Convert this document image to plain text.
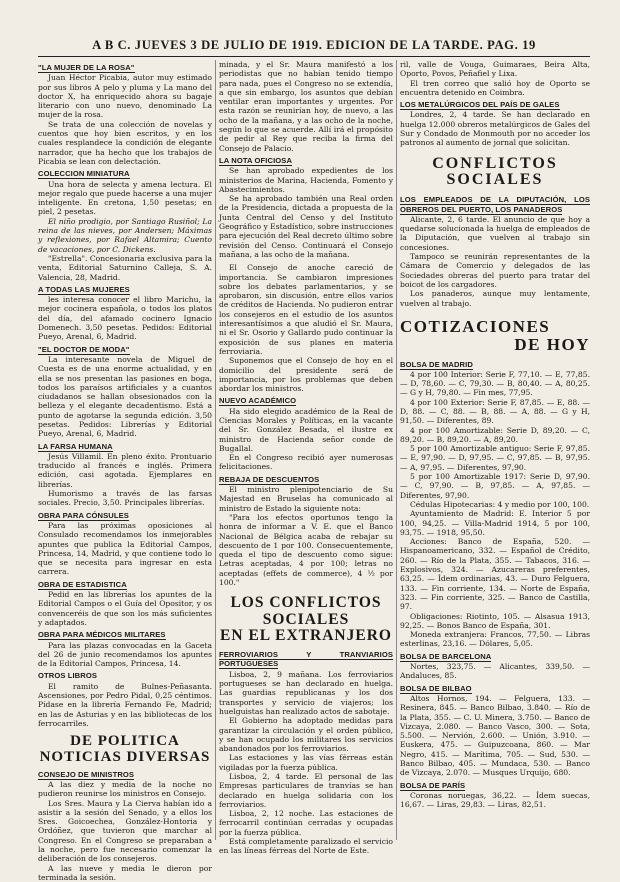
A B C. JUEVES 3 DE JULIO DE 1919. EDICION DE LA TARDE. PAG. 19
"LA MUJER DE LA ROSA"

Juan Héctor Picabia, autor muy estimado por sus libros A pelo y pluma y La mano del doctor X, ha enriquecido ahora su bagaje literario con uno nuevo, denominado La mujer de la rosa.

Se trata de una colección de novelas y cuentos que hoy bien escritos, y en los cuales resplandece la condición de elegante narrador, que ha hecho que los trabajos de Picabia se lean con delectación.

COLECCION MINIATURA

Una hora de selecta y amena lectura. El mejor regalo que puede hacerse a una mujer inteligente. En cretona, 1,50 pesetas; en piel, 2 pesetas.

El niño prodigio, por Santiago Rusiñol; La reina de las nieves, por Andersen; Máximas y reflexiones, por Rafael Altamira; Cuento de vacaciones, por C. Dickens.

"Estrella". Concesionaria exclusiva para la venta, Editorial Saturnino Calleja, S. A. Valencia, 28, Madrid.

A TODAS LAS MUJERES

les interesa conocer el libro Marichu, la mejor cocinera española, o todos los platos del día, del afamado cocinero Ignacio Domenech. 3,50 pesetas. Pedidos: Editorial Pueyo, Arenal, 6, Madrid.

"EL DOCTOR DE MODA"

La interesante novela de Miguel de Cuesta es de una enorme actualidad, y en ella se nos presentan las pasiones en boga, todos los paraísos artificiales y a cuantos ciudadanos se hallan obsesionados con la belleza y el elegante decadentismo. Está a punto de agotarse la segunda edición. 3,50 pesetas. Pedidos: Librerías y Editorial Pueyo, Arenal, 6, Madrid.

LA FARSA HUMANA

Jesús Villamil. En pleno éxito. Prontuario traducido al francés e inglés. Primera edición, casi agotada. Ejemplares en librerías.

Humorismo a través de las farsas sociales. Precio, 3,50. Principales librerías.

OBRA PARA CÓNSULES

Para las próximas oposiciones al Consulado recomendamos los inmejorables apuntes que publica la Editorial Campos, Princesa, 14, Madrid, y que contiene todo lo que se necesita para ingresar en esta carrera.

OBRA DE ESTADISTICA

Pedid en las librerías los apuntes de la Editorial Campos o el Guía del Opositor, y os convenceréis de que son los más suficientes y adaptados.

OBRA PARA MÉDICOS MILITARES

Para las plazas convocadas en la Gaceta del 26 de junio recomendamos los apuntes de la Editorial Campos, Princesa, 14.

OTROS LIBROS

El ramito de Bulnes-Peñasanta. Ascensiones, por Pedro Pidal, 0,25 céntimos. Pídase en la librería Fernando Fe, Madrid; en las de Asturias y en las bibliotecas de los ferrocarriles.

DE POLITICA
NOTICIAS DIVERSAS
CONSEJO DE MINISTROS

A las diez y media de la noche no pudieron reunirse los ministros en Consejo.

Los Sres. Maura y La Cierva habían ido a asistir a la sesión del Senado, y a ellos los Sres. Goicoechea, González-Hontoria y Ordóñez, que tuvieron que marchar al Congreso. En el Congreso se preparaban a la noche, pero fue necesario comenzar la deliberación de los consejeros.

A las nueve y media le dieron por terminada la sesión.

minada, y el Sr. Maura manifestó a los periodistas que no habían tenido tiempo para nada, pues el Congreso no se extendía, a que sin embargo, los asuntos que debían ventilar eran importantes y urgentes. Por esta razón se reunirían hoy, de nuevo, a las ocho de la mañana, y a las ocho de la noche, según lo que se acuerde. Allí irá el propósito de pedir al Rey que reciba la firma del Consejo de Palacio.

LA NOTA OFICIOSA

Se han aprobado expedientes de los ministerios de Marina, Hacienda, Fomento y Abastecimientos.

Se ha aprobado también una Real orden de la Presidencia, dictada a propuesta de la Junta Central del Censo y del Instituto Geográfico y Estadístico, sobre instrucciones para ejecución del Real decreto último sobre revisión del Censo. Continuará el Consejo mañana, a las ocho de la mañana.

El Consejo de anoche careció de importancia. Se cambiaron impresiones sobre los debates parlamentarios, y se aprobaron, sin discusión, entre ellos varios de créditos de Hacienda. No pudieron entrar los consejeros en el estudio de los asuntos interesantísimos a que aludió el Sr. Maura, ni el Sr. Osorio y Gallardo pudo continuar la exposición de sus planes en materia ferroviaria.

Suponemos que el Consejo de hoy en el domicilio del presidente será de importancia, por los problemas que deben abordar los ministros.

NUEVO ACADÉMICO

Ha sido elegido académico de la Real de Ciencias Morales y Políticas, en la vacante del Sr. González Besada, el ilustre ex ministro de Hacienda señor conde de Bugallal.

En el Congreso recibió ayer numerosas felicitaciones.

REBAJA DE DESCUENTOS

El ministro plenipotenciario de Su Majestad en Bruselas ha comunicado al ministro de Estado la siguiente nota:

"Para los efectos oportunos tengo la honra de informar a V. E. que el Banco Nacional de Bélgica acaba de rebajar su descuento de 1 por 100. Consecuentemente, queda el tipo de descuento como sigue: Letras aceptadas, 4 por 100; letras no aceptadas (effets de commerce), 4 ½ por 100."

LOS CONFLICTOS SOCIALES
EN EL EXTRANJERO
FERROVIARIOS Y TRANVIARIOS PORTUGUESES

Lisboa, 2, 9 mañana. Los ferroviarios portugueses se han declarado en huelga. Las guardias republicanas y los dos transportes y servicio de viajeros; los huelguistas han realizado actos de sabotaje.

El Gobierno ha adoptado medidas para garantizar la circulación y el orden público, y se han ocupado los militares los servicios abandonados por los ferroviarios.

Las estaciones y las vías férreas están vigiladas por la fuerza pública.

Lisboa, 2, 4 tarde. El personal de las Empresas particulares de tranvías se han declarado en huelga solidaria con los ferroviarios.

Lisboa, 2, 12 noche. Las estaciones de ferrocarril continúan cerradas y ocupadas por la fuerza pública.

Está completamente paralizado el servicio en las líneas férreas del Norte de Este.

ril, valle de Vouga, Guimaraes, Beira Alta, Oporto, Povos, Peñafiel y Lixa.

El tren correo que salió hoy de Oporto se encuentra detenido en Coimbra.

LOS METALÚRGICOS DEL PAÍS DE GALES

Londres, 2, 4 tarde. Se han declarado en huelga 12.000 obreros metalúrgicos de Gales del Sur y Condado de Monmouth por no acceder los patronos al aumento de jornal que solicitan.

CONFLICTOS SOCIALES
LOS EMPLEADOS DE LA DIPUTACIÓN, LOS OBREROS DEL PUERTO, LOS PANADEROS

Alicante, 2, 6 tarde. El anuncio de que hoy a quedarse solucionada la huelga de empleados de la Diputación, que vuelven al trabajo sin concesiones.

Tampoco se reunirán representantes de la Cámara de Comercio y delegados de las Sociedades obreras del puerto para tratar del boicot de los cargadores.

Los panaderos, aunque muy lentamente, vuelven al trabajo.

COTIZACIONES
DE HOY
BOLSA DE MADRID

4 por 100 Interior: Serie F, 77,10. — E, 77,85. — D, 78,60. — C, 79,30. — B, 80,40. — A, 80,25. — G y H, 79,80. — Fin mes, 77,95.

4 por 100 Exterior: Serie F, 87,85. — E, 88. — D, 88. — C, 88. — B, 88. — A, 88. — G y H, 91,50. — Diferentes, 89.

4 por 100 Amortizable: Serie D, 89,20. — C, 89,20. — B, 89,20. — A, 89,20.

5 por 100 Amortizable antiguo: Serie F, 97,85. — E, 97,90. — D, 97,95. — C, 97,85. — B, 97,95. — A, 97,95. — Diferentes, 97,90.

5 por 100 Amortizable 1917: Serie D, 97,90. — C, 97,90. — B, 97,85. — A, 97,85. — Diferentes, 97,90.

Cédulas Hipotecarias: 4 y medio por 100, 100.

Ayuntamiento de Madrid: E. Interior 5 por 100, 94,25. — Villa-Madrid 1914, 5 por 100, 93,75. — 1918, 95,50.

Acciones: Banco de España, 520. — Hispanoamericano, 332. — Español de Crédito, 260. — Río de la Plata, 355. — Tabacos, 316. — Explosivos, 324. — Azucareras preferentes, 63,25. — Ídem ordinarias, 43. — Duro Felguera, 133. — Fin corriente, 134. — Norte de España, 323. — Fin corriente, 325. — Banco de Castilla, 97.

Obligaciones: Riotinto, 105. — Alsasua 1913, 92,25. — Bonos Banco de España, 301.

Moneda extranjera: Francos, 77,50. — Libras esterlinas, 23,16. — Dólares, 5,05.

BOLSA DE BARCELONA

Nortes, 323,75. — Alicantes, 339,50. — Andaluces, 85.

BOLSA DE BILBAO

Altos Hornos, 194. — Felguera, 133. — Resinera, 845. — Banco Bilbao, 3.840. — Río de la Plata, 355. — C. U. Minera, 3.750. — Banco de Vizcaya, 2.080. — Banco Vasco, 300. — Sota, 5.500. — Nervión, 2.600. — Unión, 3.910. — Euskera, 475. — Guipuzcoana, 860. — Mar Negro, 415. — Marítima, 705. — Sud, 530. — Banco Bilbao, 405. — Mundaca, 530. — Banco de Vizcaya, 2.070. — Musques Urquijo, 680.

BOLSA DE PARÍS

Coronas noruegas, 36,22. — Ídem suecas, 16,67. — Liras, 29,83. — Liras, 82,51.
